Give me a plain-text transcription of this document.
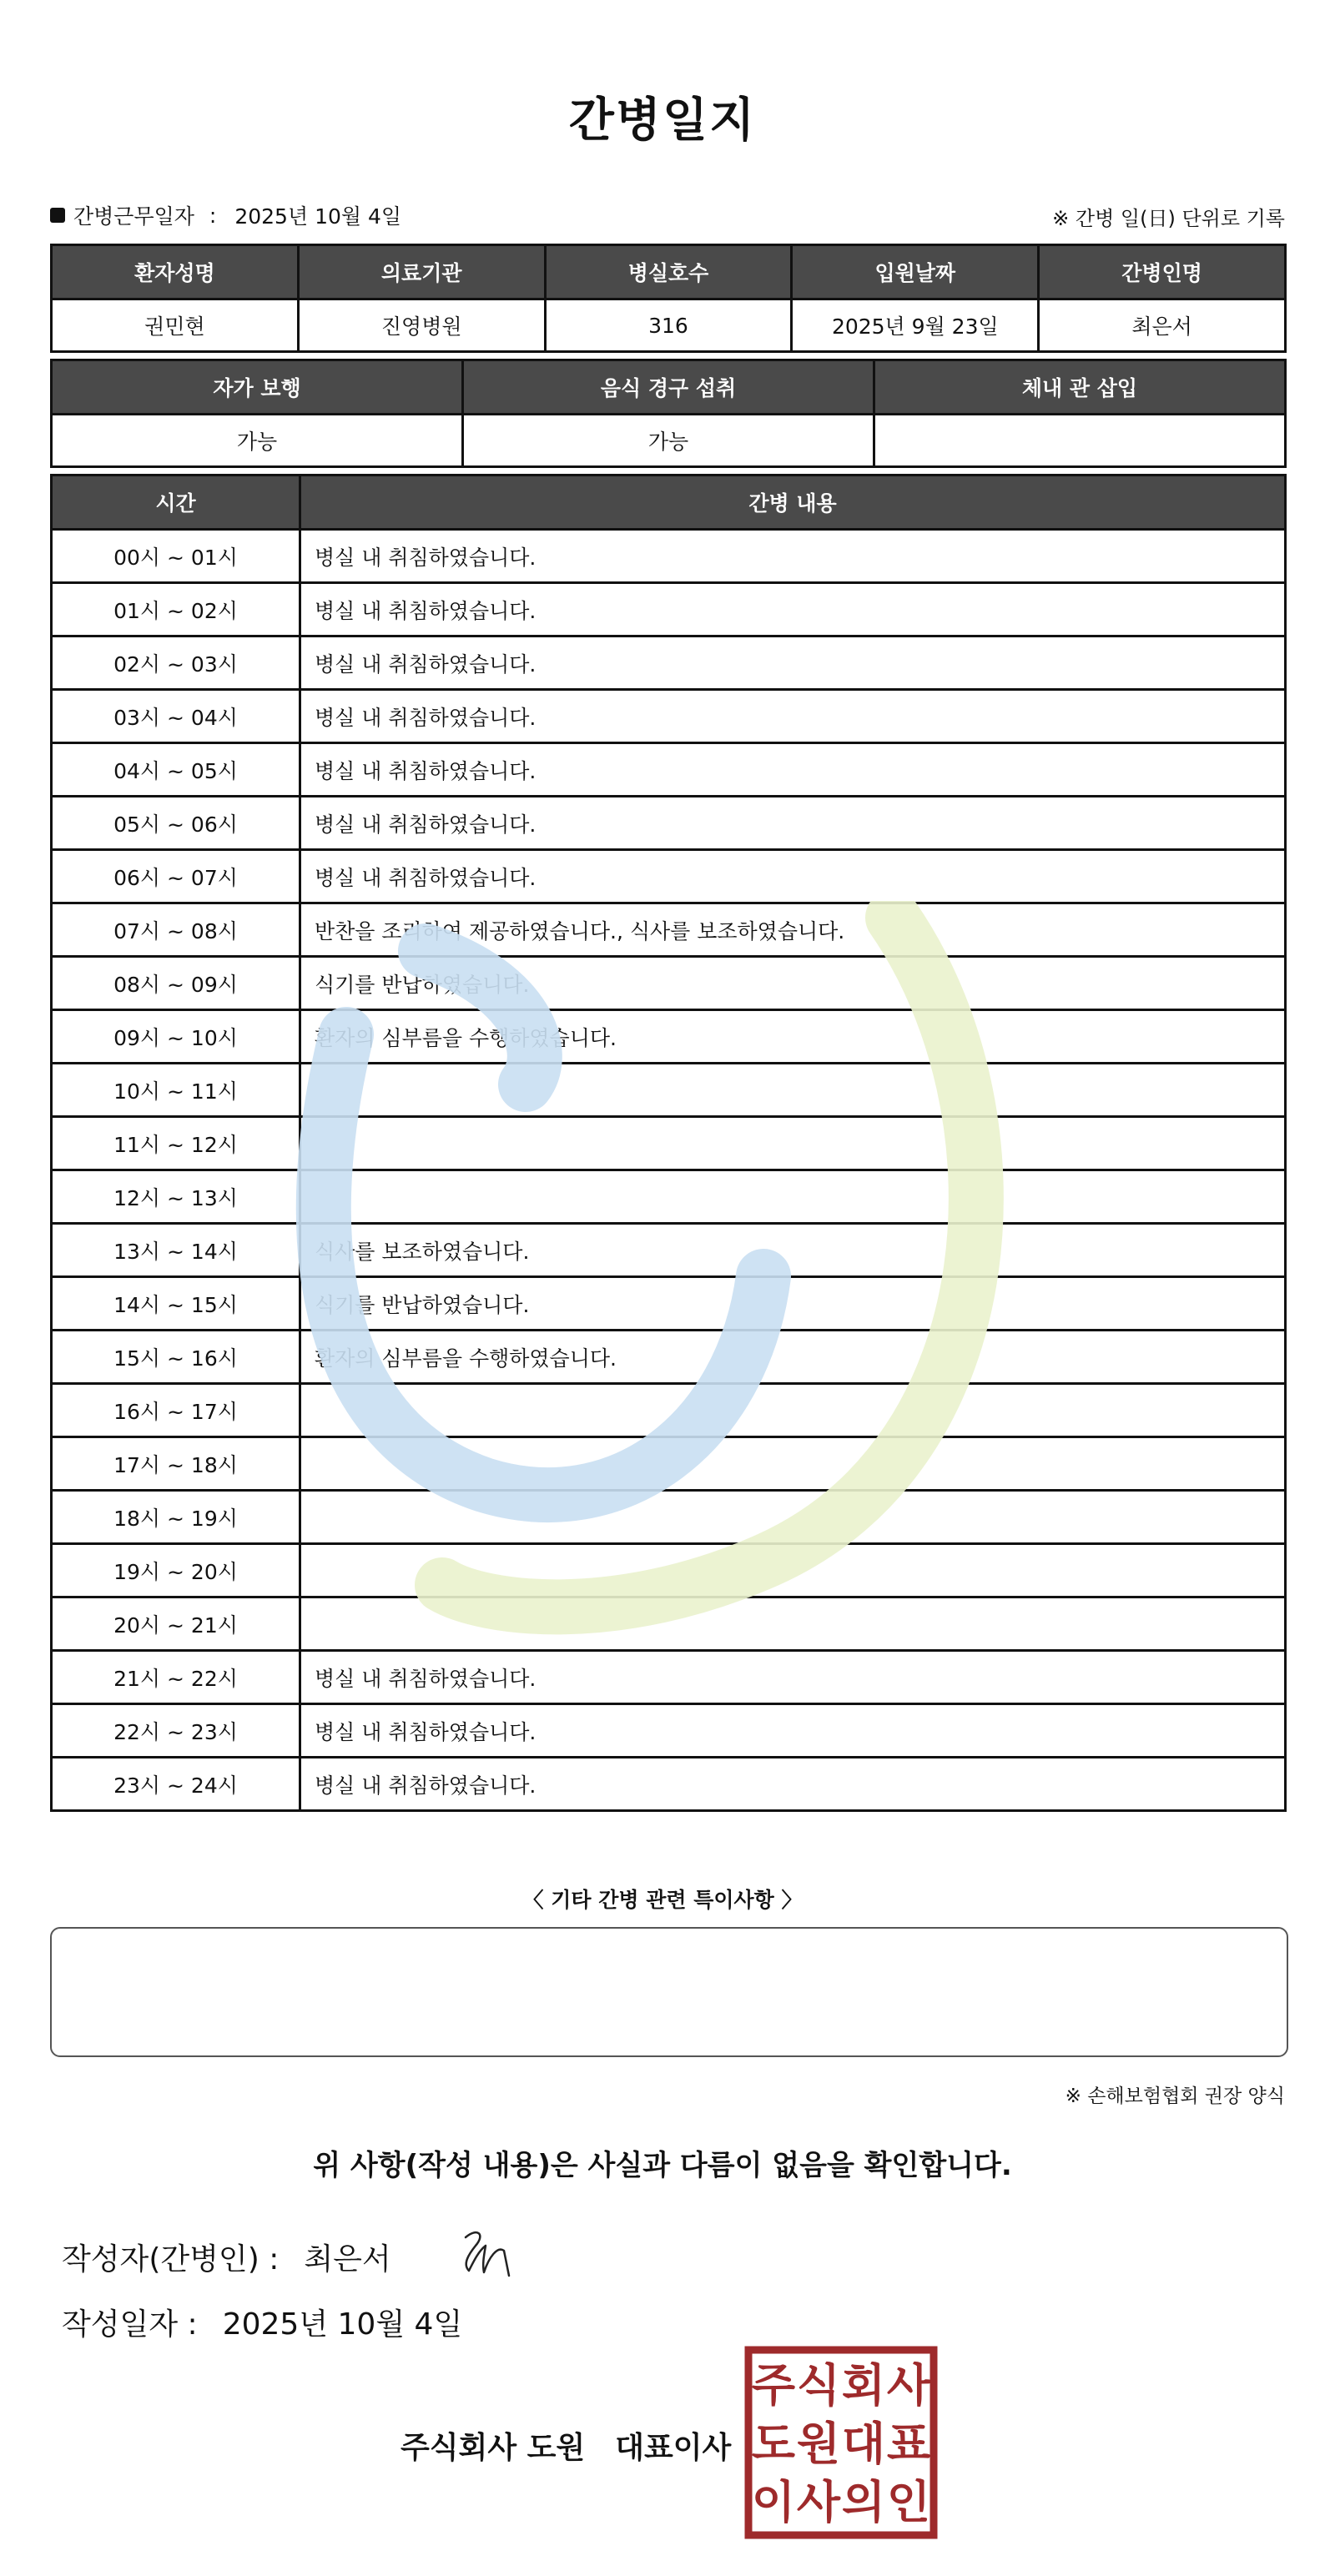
간병일지
간병근무일자 : 2025년 10월 4일	※ 간병 일(日) 단위로 기록
환자성명	의료기관	병실호수	입원날짜	간병인명
권민현	진영병원	316	2025년 9월 23일	최은서
자가 보행	음식 경구 섭취	체내 관 삽입
가능	가능	
시간	간병 내용
00시 ~ 01시	병실 내 취침하였습니다.
01시 ~ 02시	병실 내 취침하였습니다.
02시 ~ 03시	병실 내 취침하였습니다.
03시 ~ 04시	병실 내 취침하였습니다.
04시 ~ 05시	병실 내 취침하였습니다.
05시 ~ 06시	병실 내 취침하였습니다.
06시 ~ 07시	병실 내 취침하였습니다.
07시 ~ 08시	반찬을 조리하여 제공하였습니다., 식사를 보조하였습니다.
08시 ~ 09시	식기를 반납하였습니다.
09시 ~ 10시	환자의 심부름을 수행하였습니다.
10시 ~ 11시	
11시 ~ 12시	
12시 ~ 13시	
13시 ~ 14시	식사를 보조하였습니다.
14시 ~ 15시	식기를 반납하였습니다.
15시 ~ 16시	환자의 심부름을 수행하였습니다.
16시 ~ 17시	
17시 ~ 18시	
18시 ~ 19시	
19시 ~ 20시	
20시 ~ 21시	
21시 ~ 22시	병실 내 취침하였습니다.
22시 ~ 23시	병실 내 취침하였습니다.
23시 ~ 24시	병실 내 취침하였습니다.
〈 기타 간병 관련 특이사항 〉
※ 손해보험협회 권장 양식
위 사항(작성 내용)은 사실과 다름이 없음을 확인합니다.
작성자(간병인) : 최은서
작성일자 : 2025년 10월 4일
주식회사 도원 대표이사
주 식 회 사
도 원 대 표
이 사 의 인
